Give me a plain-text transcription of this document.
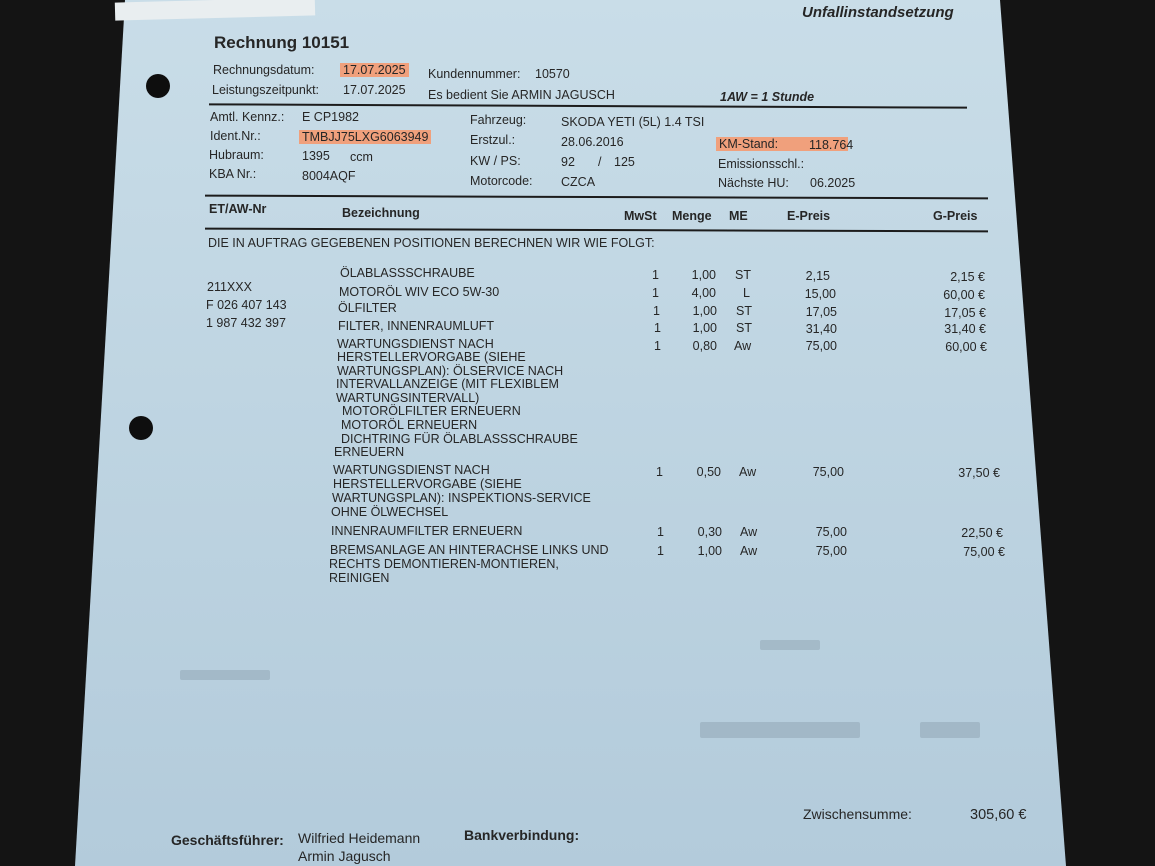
Unfallinstandsetzung
Rechnung 10151
Rechnungsdatum: 17.07.2025 Kundennummer: 10570
Leistungszeitpunkt: 17.07.2025 Es bedient Sie ARMIN JAGUSCH	1AW = 1 Stunde
Amtl. Kennz.: E CP1982	Fahrzeug:	SKODA YETI (5L) 1.4 TSI
Ident.Nr.:	TMBJJ75LXG6063949	Erstzul.:	28.06.2016	KM-Stand:	118.764
Hubraum:	1395 ccm	KW / PS:	92 / 125	Emissionsschl.:
KBA Nr.:	8004AQF	Motorcode: CZCA	Nächste HU: 06.2025
ET/AW-Nr	Bezeichnung	MwSt Menge ME	E-Preis	G-Preis
DIE IN AUFTRAG GEGEBENEN POSITIONEN BERECHNEN WIR WIE FOLGT:
ÖLABLASSSCHRAUBE	1	1,00 ST	2,15	2,15 €
211XXX	MOTORÖL WIV ECO 5W-30	1	4,00 L	15,00	60,00 €
F 026 407 143	ÖLFILTER	1	1,00 ST	17,05	17,05 €
1 987 432 397	FILTER, INNENRAUMLUFT	1	1,00 ST	31,40	31,40 €
WARTUNGSDIENST NACH
HERSTELLERVORGABE (SIEHE
WARTUNGSPLAN): ÖLSERVICE NACH
INTERVALLANZEIGE (MIT FLEXIBLEM
WARTUNGSINTERVALL)
MOTORÖLFILTER ERNEUERN
MOTORÖL ERNEUERN
DICHTRING FÜR ÖLABLASSSCHRAUBE
ERNEUERN
1	0,80 Aw	75,00	60,00 €
WARTUNGSDIENST NACH
HERSTELLERVORGABE (SIEHE
WARTUNGSPLAN): INSPEKTIONS-SERVICE
OHNE ÖLWECHSEL
1	0,50 Aw	75,00	37,50 €
INNENRAUMFILTER ERNEUERN	1	0,30 Aw	75,00	22,50 €
BREMSANLAGE AN HINTERACHSE LINKS UND
RECHTS DEMONTIEREN-MONTIEREN,
REINIGEN
1	1,00 Aw	75,00	75,00 €
Zwischensumme:	305,60 €
Geschäftsführer: Wilfried Heidemann
Armin Jagusch
Bankverbindung:
